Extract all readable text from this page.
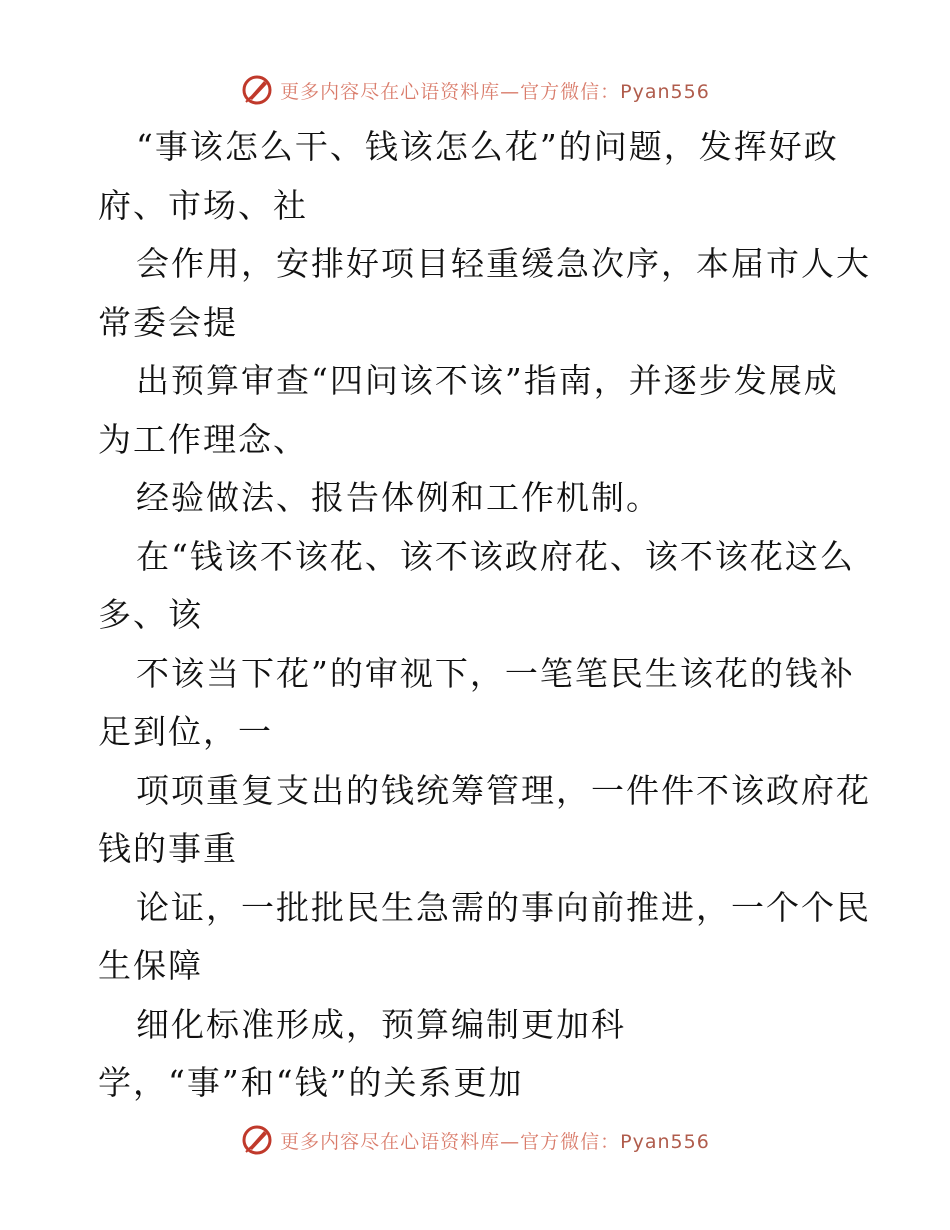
更多内容尽在心语资料库—官方微信：Pyan556
“事该怎么干、钱该怎么花”的问题，发挥好政
府、市场、社
会作用，安排好项目轻重缓急次序，本届市人大
常委会提
出预算审查“四问该不该”指南，并逐步发展成
为工作理念、
经验做法、报告体例和工作机制。
在“钱该不该花、该不该政府花、该不该花这么
多、该
不该当下花”的审视下，一笔笔民生该花的钱补
足到位，一
项项重复支出的钱统筹管理，一件件不该政府花
钱的事重
论证，一批批民生急需的事向前推进，一个个民
生保障
细化标准形成，预算编制更加科
学，“事”和“钱”的关系更加
更多内容尽在心语资料库—官方微信：Pyan556
